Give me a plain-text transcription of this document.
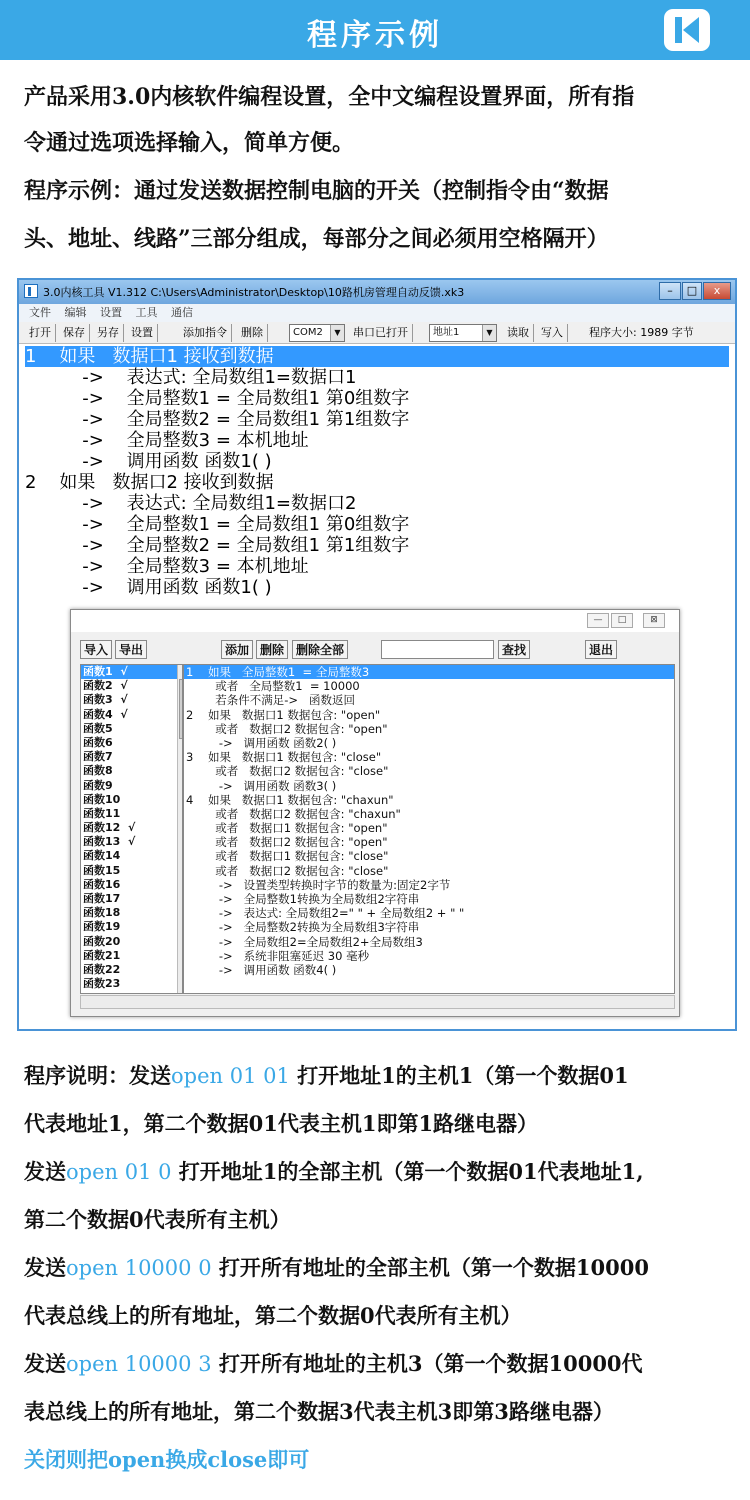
程序示例
产品采用3.0内核软件编程设置，全中文编程设置界面，所有指
令通过选项选择输入，简单方便。
程序示例：通过发送数据控制电脑的开关（控制指令由“数据
头、地址、线路”三部分组成，每部分之间必须用空格隔开）
3.0内核工具 V1.312 C:\Users\Administrator\Desktop\10路机房管理自动反馈.xk3	–	□	x
文件 编辑 设置 工具 通信
打开	保存	另存	设置	添加指令	删除	COM2	▼	串口已打开	地址1	▼	读取	写入	程序大小: 1989 字节
1    如果   数据口1 接收到数据
->    表达式: 全局数组1=数据口1
->    全局整数1 = 全局数组1 第0组数字
->    全局整数2 = 全局数组1 第1组数字
->    全局整数3 = 本机地址
->    调用函数 函数1( )
2    如果   数据口2 接收到数据
->    表达式: 全局数组1=数据口2
->    全局整数1 = 全局数组1 第0组数字
->    全局整数2 = 全局数组1 第1组数字
->    全局整数3 = 本机地址
->    调用函数 函数1( )
—	□	⊠
导入 导出	添加 删除 删除全部	查找	退出
函数1  √
函数2  √
函数3  √
函数4  √
函数5
函数6
函数7
函数8
函数9
函数10
函数11
函数12  √
函数13  √
函数14
函数15
函数16
函数17
函数18
函数19
函数20
函数21
函数22
函数23
1    如果   全局整数1  = 全局整数3
或者   全局整数1  = 10000
若条件不满足->   函数返回
2    如果   数据口1 数据包含: "open"
或者   数据口2 数据包含: "open"
->   调用函数 函数2( )
3    如果   数据口1 数据包含: "close"
或者   数据口2 数据包含: "close"
->   调用函数 函数3( )
4    如果   数据口1 数据包含: "chaxun"
或者   数据口2 数据包含: "chaxun"
或者   数据口1 数据包含: "open"
或者   数据口2 数据包含: "open"
或者   数据口1 数据包含: "close"
或者   数据口2 数据包含: "close"
->   设置类型转换时字节的数量为:固定2字节
->   全局整数1转换为全局数组2字符串
->   表达式: 全局数组2=" " + 全局数组2 + " "
->   全局整数2转换为全局数组3字符串
->   全局数组2=全局数组2+全局数组3
->   系统非阻塞延迟 30 毫秒
->   调用函数 函数4( )
程序说明：发送open 01 01 打开地址1的主机1（第一个数据01
代表地址1，第二个数据01代表主机1即第1路继电器）
发送open 01 0 打开地址1的全部主机（第一个数据01代表地址1,
第二个数据0代表所有主机）
发送open 10000 0 打开所有地址的全部主机（第一个数据10000
代表总线上的所有地址，第二个数据0代表所有主机）
发送open 10000 3 打开所有地址的主机3（第一个数据10000代
表总线上的所有地址，第二个数据3代表主机3即第3路继电器）
关闭则把open换成close即可
